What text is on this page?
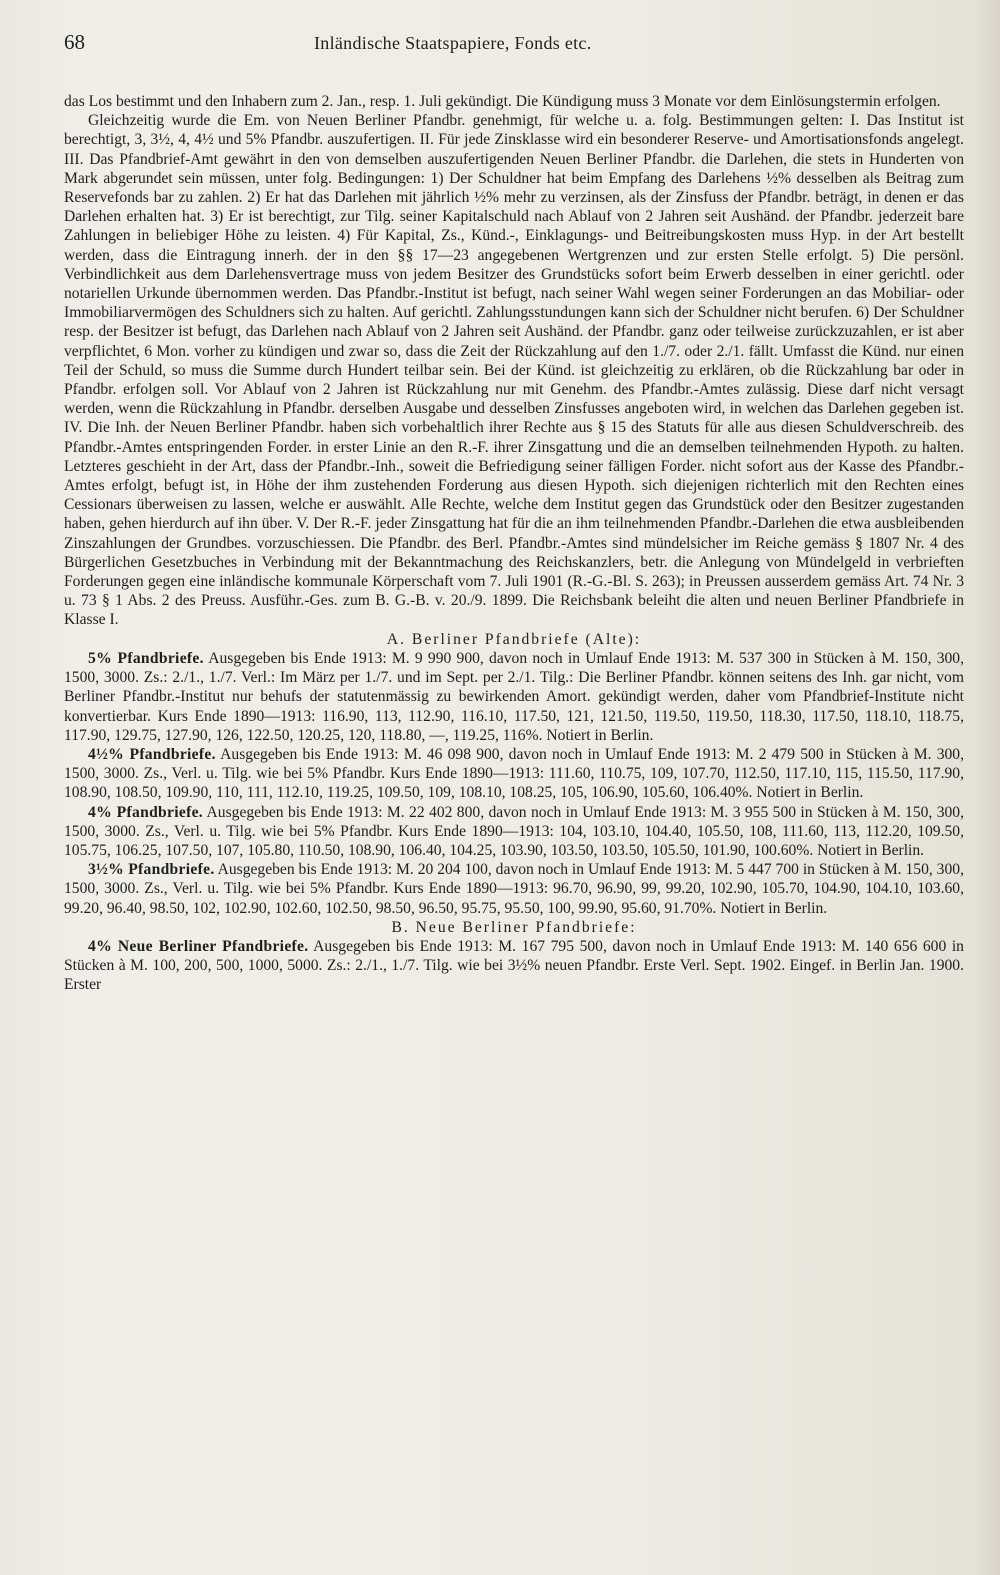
68	Inländische Staatspapiere, Fonds etc.

das Los bestimmt und den Inhabern zum 2. Jan., resp. 1. Juli gekündigt. Die Kündigung muss 3 Monate vor dem Einlösungstermin erfolgen.

Gleichzeitig wurde die Em. von Neuen Berliner Pfandbr. genehmigt, für welche u. a. folg. Bestimmungen gelten: I. Das Institut ist berechtigt, 3, 3½, 4, 4½ und 5% Pfandbr. auszufertigen. II. Für jede Zinsklasse wird ein besonderer Reserve- und Amortisationsfonds angelegt. III. Das Pfandbrief-Amt gewährt in den von demselben auszufertigenden Neuen Berliner Pfandbr. die Darlehen, die stets in Hunderten von Mark abgerundet sein müssen, unter folg. Bedingungen: 1) Der Schuldner hat beim Empfang des Darlehens ½% desselben als Beitrag zum Reservefonds bar zu zahlen. 2) Er hat das Darlehen mit jährlich ½% mehr zu verzinsen, als der Zinsfuss der Pfandbr. beträgt, in denen er das Darlehen erhalten hat. 3) Er ist berechtigt, zur Tilg. seiner Kapitalschuld nach Ablauf von 2 Jahren seit Aushänd. der Pfandbr. jederzeit bare Zahlungen in beliebiger Höhe zu leisten. 4) Für Kapital, Zs., Künd.-, Einklagungs- und Beitreibungskosten muss Hyp. in der Art bestellt werden, dass die Eintragung innerh. der in den §§ 17—23 angegebenen Wertgrenzen und zur ersten Stelle erfolgt. 5) Die persönl. Verbindlichkeit aus dem Darlehensvertrage muss von jedem Besitzer des Grundstücks sofort beim Erwerb desselben in einer gerichtl. oder notariellen Urkunde übernommen werden. Das Pfandbr.-Institut ist befugt, nach seiner Wahl wegen seiner Forderungen an das Mobiliar- oder Immobiliarvermögen des Schuldners sich zu halten. Auf gerichtl. Zahlungsstundungen kann sich der Schuldner nicht berufen. 6) Der Schuldner resp. der Besitzer ist befugt, das Darlehen nach Ablauf von 2 Jahren seit Aushänd. der Pfandbr. ganz oder teilweise zurückzuzahlen, er ist aber verpflichtet, 6 Mon. vorher zu kündigen und zwar so, dass die Zeit der Rückzahlung auf den 1./7. oder 2./1. fällt. Umfasst die Künd. nur einen Teil der Schuld, so muss die Summe durch Hundert teilbar sein. Bei der Künd. ist gleichzeitig zu erklären, ob die Rückzahlung bar oder in Pfandbr. erfolgen soll. Vor Ablauf von 2 Jahren ist Rückzahlung nur mit Genehm. des Pfandbr.-Amtes zulässig. Diese darf nicht versagt werden, wenn die Rückzahlung in Pfandbr. derselben Ausgabe und desselben Zinsfusses angeboten wird, in welchen das Darlehen gegeben ist. IV. Die Inh. der Neuen Berliner Pfandbr. haben sich vorbehaltlich ihrer Rechte aus § 15 des Statuts für alle aus diesen Schuldverschreib. des Pfandbr.-Amtes entspringenden Forder. in erster Linie an den R.-F. ihrer Zinsgattung und die an demselben teilnehmenden Hypoth. zu halten. Letzteres geschieht in der Art, dass der Pfandbr.-Inh., soweit die Befriedigung seiner fälligen Forder. nicht sofort aus der Kasse des Pfandbr.-Amtes erfolgt, befugt ist, in Höhe der ihm zustehenden Forderung aus diesen Hypoth. sich diejenigen richterlich mit den Rechten eines Cessionars überweisen zu lassen, welche er auswählt. Alle Rechte, welche dem Institut gegen das Grundstück oder den Besitzer zugestanden haben, gehen hierdurch auf ihn über. V. Der R.-F. jeder Zinsgattung hat für die an ihm teilnehmenden Pfandbr.-Darlehen die etwa ausbleibenden Zinszahlungen der Grundbes. vorzuschiessen. Die Pfandbr. des Berl. Pfandbr.-Amtes sind mündelsicher im Reiche gemäss § 1807 Nr. 4 des Bürgerlichen Gesetzbuches in Verbindung mit der Bekanntmachung des Reichskanzlers, betr. die Anlegung von Mündelgeld in verbrieften Forderungen gegen eine inländische kommunale Körperschaft vom 7. Juli 1901 (R.-G.-Bl. S. 263); in Preussen ausserdem gemäss Art. 74 Nr. 3 u. 73 § 1 Abs. 2 des Preuss. Ausführ.-Ges. zum B. G.-B. v. 20./9. 1899. Die Reichsbank beleiht die alten und neuen Berliner Pfandbriefe in Klasse I.

A. Berliner Pfandbriefe (Alte):

5% Pfandbriefe. Ausgegeben bis Ende 1913: M. 9 990 900, davon noch in Umlauf Ende 1913: M. 537 300 in Stücken à M. 150, 300, 1500, 3000. Zs.: 2./1., 1./7. Verl.: Im März per 1./7. und im Sept. per 2./1. Tilg.: Die Berliner Pfandbr. können seitens des Inh. gar nicht, vom Berliner Pfandbr.-Institut nur behufs der statutenmässig zu bewirkenden Amort. gekündigt werden, daher vom Pfandbrief-Institute nicht konvertierbar. Kurs Ende 1890—1913: 116.90, 113, 112.90, 116.10, 117.50, 121, 121.50, 119.50, 119.50, 118.30, 117.50, 118.10, 118.75, 117.90, 129.75, 127.90, 126, 122.50, 120.25, 120, 118.80, —, 119.25, 116%. Notiert in Berlin.

4½% Pfandbriefe. Ausgegeben bis Ende 1913: M. 46 098 900, davon noch in Umlauf Ende 1913: M. 2 479 500 in Stücken à M. 300, 1500, 3000. Zs., Verl. u. Tilg. wie bei 5% Pfandbr. Kurs Ende 1890—1913: 111.60, 110.75, 109, 107.70, 112.50, 117.10, 115, 115.50, 117.90, 108.90, 108.50, 109.90, 110, 111, 112.10, 119.25, 109.50, 109, 108.10, 108.25, 105, 106.90, 105.60, 106.40%. Notiert in Berlin.

4% Pfandbriefe. Ausgegeben bis Ende 1913: M. 22 402 800, davon noch in Umlauf Ende 1913: M. 3 955 500 in Stücken à M. 150, 300, 1500, 3000. Zs., Verl. u. Tilg. wie bei 5% Pfandbr. Kurs Ende 1890—1913: 104, 103.10, 104.40, 105.50, 108, 111.60, 113, 112.20, 109.50, 105.75, 106.25, 107.50, 107, 105.80, 110.50, 108.90, 106.40, 104.25, 103.90, 103.50, 103.50, 105.50, 101.90, 100.60%. Notiert in Berlin.

3½% Pfandbriefe. Ausgegeben bis Ende 1913: M. 20 204 100, davon noch in Umlauf Ende 1913: M. 5 447 700 in Stücken à M. 150, 300, 1500, 3000. Zs., Verl. u. Tilg. wie bei 5% Pfandbr. Kurs Ende 1890—1913: 96.70, 96.90, 99, 99.20, 102.90, 105.70, 104.90, 104.10, 103.60, 99.20, 96.40, 98.50, 102, 102.90, 102.60, 102.50, 98.50, 96.50, 95.75, 95.50, 100, 99.90, 95.60, 91.70%. Notiert in Berlin.

B. Neue Berliner Pfandbriefe:

4% Neue Berliner Pfandbriefe. Ausgegeben bis Ende 1913: M. 167 795 500, davon noch in Umlauf Ende 1913: M. 140 656 600 in Stücken à M. 100, 200, 500, 1000, 5000. Zs.: 2./1., 1./7. Tilg. wie bei 3½% neuen Pfandbr. Erste Verl. Sept. 1902. Eingef. in Berlin Jan. 1900. Erster
